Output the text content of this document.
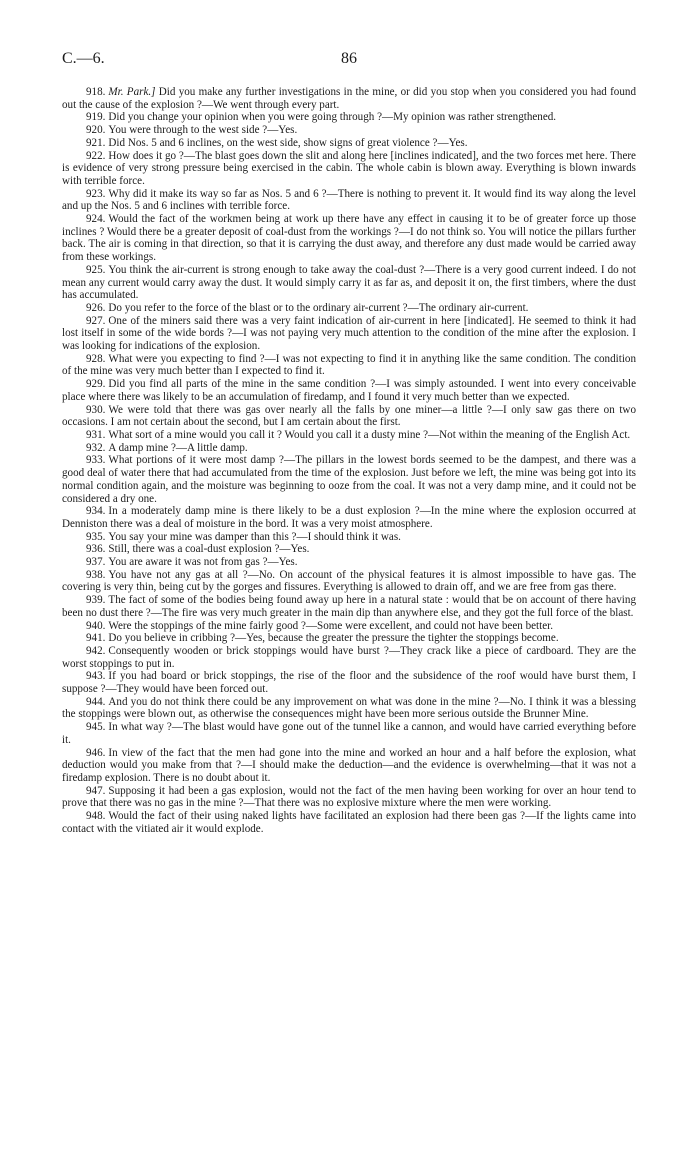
C.—6.	86

918. Mr. Park.] Did you make any further investigations in the mine, or did you stop when you considered you had found out the cause of the explosion ?—We went through every part.

919. Did you change your opinion when you were going through ?—My opinion was rather strengthened.

920. You were through to the west side ?—Yes.

921. Did Nos. 5 and 6 inclines, on the west side, show signs of great violence ?—Yes.

922. How does it go ?—The blast goes down the slit and along here [inclines indicated], and the two forces met here. There is evidence of very strong pressure being exercised in the cabin. The whole cabin is blown away. Everything is blown inwards with terrible force.

923. Why did it make its way so far as Nos. 5 and 6 ?—There is nothing to prevent it. It would find its way along the level and up the Nos. 5 and 6 inclines with terrible force.

924. Would the fact of the workmen being at work up there have any effect in causing it to be of greater force up those inclines ? Would there be a greater deposit of coal-dust from the workings ?—I do not think so. You will notice the pillars further back. The air is coming in that direction, so that it is carrying the dust away, and therefore any dust made would be carried away from these workings.

925. You think the air-current is strong enough to take away the coal-dust ?—There is a very good current indeed. I do not mean any current would carry away the dust. It would simply carry it as far as, and deposit it on, the first timbers, where the dust has accumulated.

926. Do you refer to the force of the blast or to the ordinary air-current ?—The ordinary air-current.

927. One of the miners said there was a very faint indication of air-current in here [indicated]. He seemed to think it had lost itself in some of the wide bords ?—I was not paying very much attention to the condition of the mine after the explosion. I was looking for indications of the explosion.

928. What were you expecting to find ?—I was not expecting to find it in anything like the same condition. The condition of the mine was very much better than I expected to find it.

929. Did you find all parts of the mine in the same condition ?—I was simply astounded. I went into every conceivable place where there was likely to be an accumulation of firedamp, and I found it very much better than we expected.

930. We were told that there was gas over nearly all the falls by one miner—a little ?—I only saw gas there on two occasions. I am not certain about the second, but I am certain about the first.

931. What sort of a mine would you call it ? Would you call it a dusty mine ?—Not within the meaning of the English Act.

932. A damp mine ?—A little damp.

933. What portions of it were most damp ?—The pillars in the lowest bords seemed to be the dampest, and there was a good deal of water there that had accumulated from the time of the explosion. Just before we left, the mine was being got into its normal condition again, and the moisture was beginning to ooze from the coal. It was not a very damp mine, and it could not be considered a dry one.

934. In a moderately damp mine is there likely to be a dust explosion ?—In the mine where the explosion occurred at Denniston there was a deal of moisture in the bord. It was a very moist atmosphere.

935. You say your mine was damper than this ?—I should think it was.

936. Still, there was a coal-dust explosion ?—Yes.

937. You are aware it was not from gas ?—Yes.

938. You have not any gas at all ?—No. On account of the physical features it is almost impossible to have gas. The covering is very thin, being cut by the gorges and fissures. Everything is allowed to drain off, and we are free from gas there.

939. The fact of some of the bodies being found away up here in a natural state : would that be on account of there having been no dust there ?—The fire was very much greater in the main dip than anywhere else, and they got the full force of the blast.

940. Were the stoppings of the mine fairly good ?—Some were excellent, and could not have been better.

941. Do you believe in cribbing ?—Yes, because the greater the pressure the tighter the stoppings become.

942. Consequently wooden or brick stoppings would have burst ?—They crack like a piece of cardboard. They are the worst stoppings to put in.

943. If you had board or brick stoppings, the rise of the floor and the subsidence of the roof would have burst them, I suppose ?—They would have been forced out.

944. And you do not think there could be any improvement on what was done in the mine ?—No. I think it was a blessing the stoppings were blown out, as otherwise the consequences might have been more serious outside the Brunner Mine.

945. In what way ?—The blast would have gone out of the tunnel like a cannon, and would have carried everything before it.

946. In view of the fact that the men had gone into the mine and worked an hour and a half before the explosion, what deduction would you make from that ?—I should make the deduction—and the evidence is overwhelming—that it was not a firedamp explosion. There is no doubt about it.

947. Supposing it had been a gas explosion, would not the fact of the men having been working for over an hour tend to prove that there was no gas in the mine ?—That there was no explosive mixture where the men were working.

948. Would the fact of their using naked lights have facilitated an explosion had there been gas ?—If the lights came into contact with the vitiated air it would explode.
